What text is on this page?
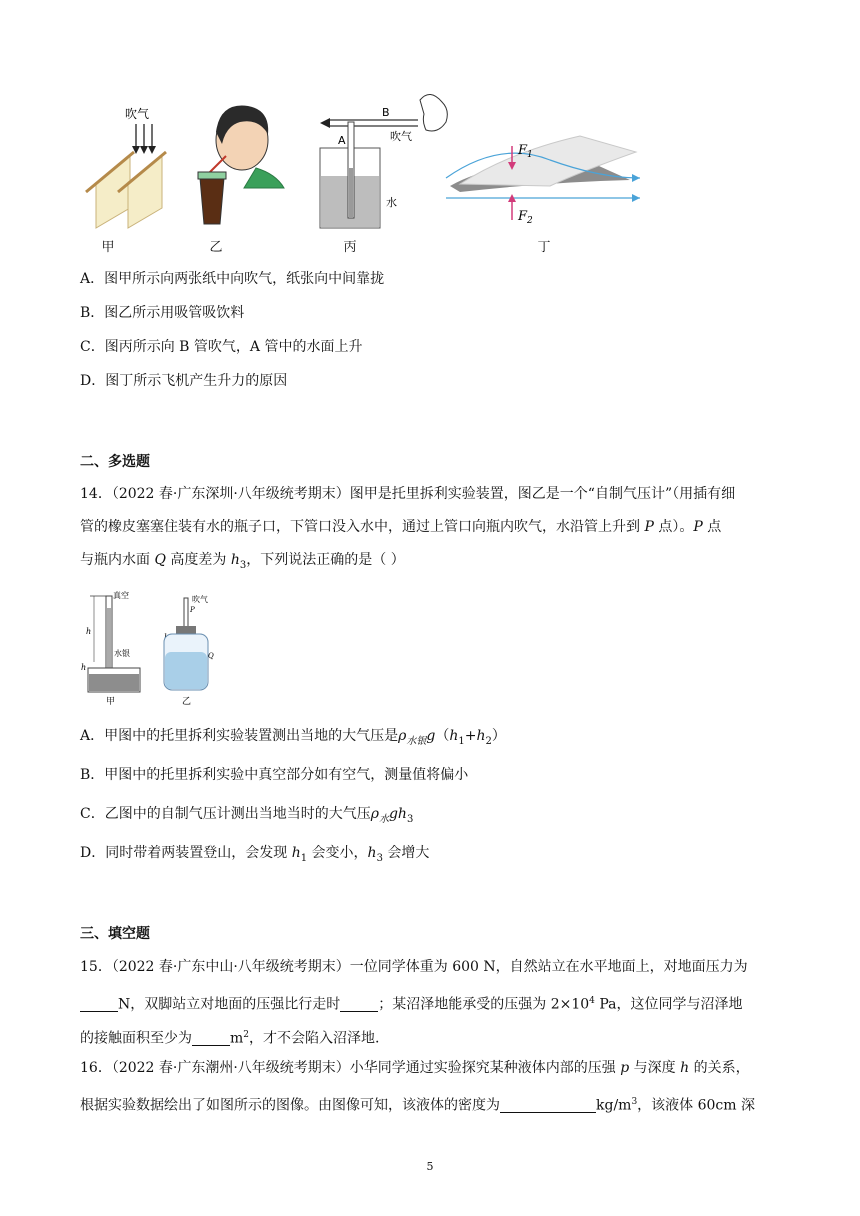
吹气	B
吹气
A
水
$F_1$
$F_2$
甲	乙	丙	丁
A．图甲所示向两张纸中向吹气，纸张向中间靠拢
B．图乙所示用吸管吸饮料
C．图丙所示向 B 管吹气，A 管中的水面上升
D．图丁所示飞机产生升力的原因
二、多选题
14．（2022 春·广东深圳·八年级统考期末）图甲是托里拆利实验装置，图乙是一个“自制气压计”（用插有细
管的橡皮塞塞住装有水的瓶子口，下管口没入水中，通过上管口向瓶内吹气，水沿管上升到 P 点）。P 点
与瓶内水面 Q 高度差为 $h_3$，下列说法正确的是（ ）
真空
h
h
水银
甲
吹气
P
Q
乙
A．甲图中的托里拆利实验装置测出当地的大气压是$\rho_{水银}g(h_1+h_2)$
B．甲图中的托里拆利实验中真空部分如有空气，测量值将偏小
C．乙图中的自制气压计测出当地当时的大气压$\rho_水gh_3$
D．同时带着两装置登山，会发现 $h_1$ 会变小，$h_3$ 会增大
三、填空题
15．（2022 春·广东中山·八年级统考期末）一位同学体重为 600 N，自然站立在水平地面上，对地面压力为
N，双脚站立对地面的压强比行走时	；某沼泽地能承受的压强为 $2\times 10^4$ Pa，这位同学与沼泽地
的接触面积至少为	$m^2$，才不会陷入沼泽地.
16．（2022 春·广东潮州·八年级统考期末）小华同学通过实验探究某种液体内部的压强 p 与深度 h 的关系，
根据实验数据绘出了如图所示的图像。由图像可知，该液体的密度为	$kg/m^3$，该液体 60cm 深
5
